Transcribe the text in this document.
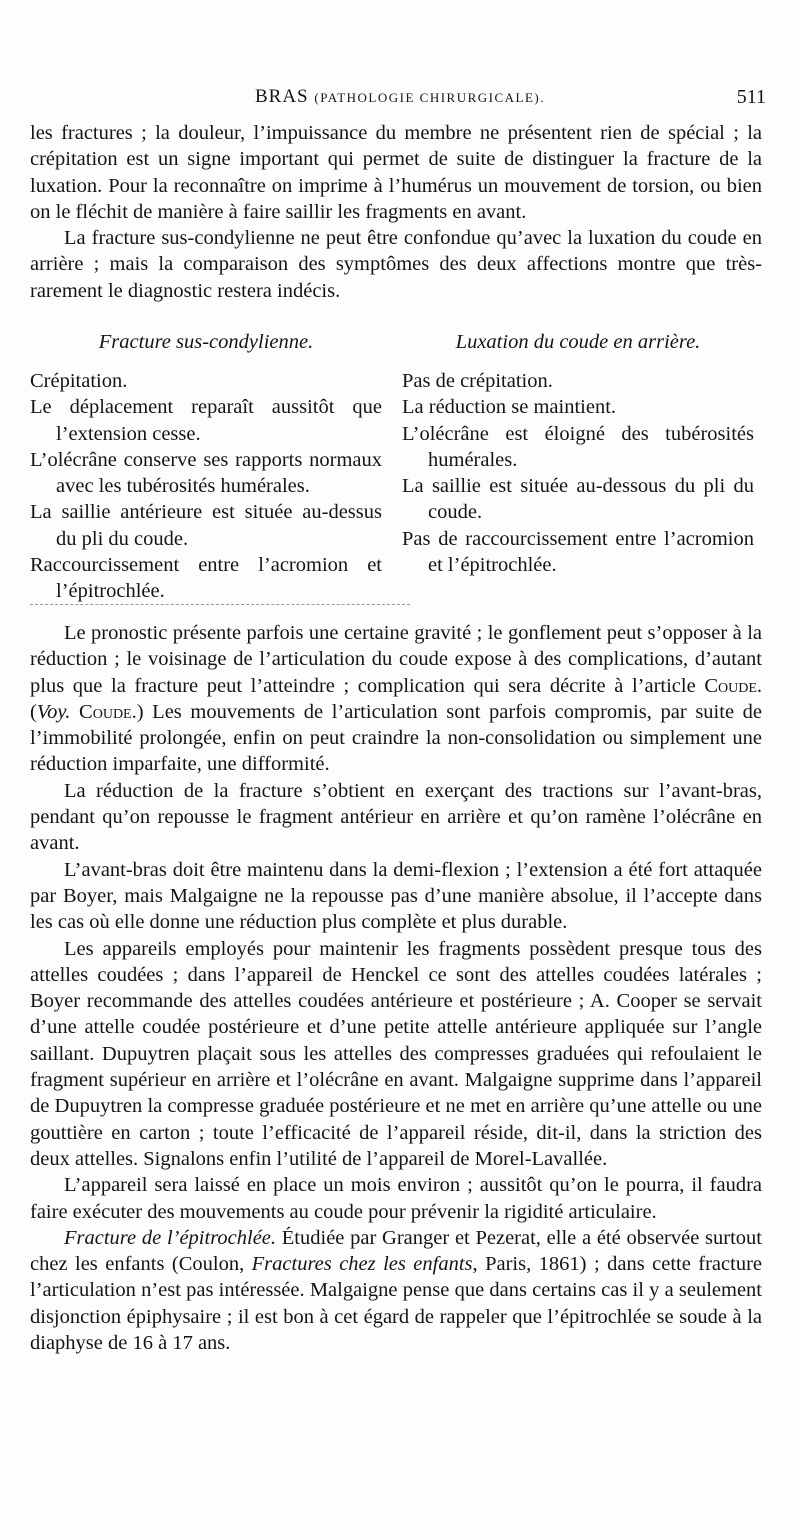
BRAS (PATHOLOGIE CHIRURGICALE).	511

les fractures ; la douleur, l’impuissance du membre ne présentent rien de spécial ; la crépitation est un signe important qui permet de suite de distinguer la fracture de la luxation. Pour la reconnaître on imprime à l’humérus un mouvement de torsion, ou bien on le fléchit de manière à faire saillir les fragments en avant.

La fracture sus-condylienne ne peut être confondue qu’avec la luxation du coude en arrière ; mais la comparaison des symptômes des deux affections montre que très-rarement le diagnostic restera indécis.

Fracture sus-condylienne.
Crépitation.
Le déplacement reparaît aussitôt que l’extension cesse.
L’olécrâne conserve ses rapports normaux avec les tubérosités humérales.
La saillie antérieure est située au-dessus du pli du coude.
Raccourcissement entre l’acromion et l’épitrochlée.
Luxation du coude en arrière.
Pas de crépitation.
La réduction se maintient.
L’olécrâne est éloigné des tubérosités humérales.
La saillie est située au-dessous du pli du coude.
Pas de raccourcissement entre l’acromion et l’épitrochlée.

Le pronostic présente parfois une certaine gravité ; le gonflement peut s’opposer à la réduction ; le voisinage de l’articulation du coude expose à des complications, d’autant plus que la fracture peut l’atteindre ; complication qui sera décrite à l’article Coude. (Voy. Coude.) Les mouvements de l’articulation sont parfois compromis, par suite de l’immobilité prolongée, enfin on peut craindre la non-consolidation ou simplement une réduction imparfaite, une difformité.

La réduction de la fracture s’obtient en exerçant des tractions sur l’avant-bras, pendant qu’on repousse le fragment antérieur en arrière et qu’on ramène l’olécrâne en avant.

L’avant-bras doit être maintenu dans la demi-flexion ; l’extension a été fort attaquée par Boyer, mais Malgaigne ne la repousse pas d’une manière absolue, il l’accepte dans les cas où elle donne une réduction plus complète et plus durable.

Les appareils employés pour maintenir les fragments possèdent presque tous des attelles coudées ; dans l’appareil de Henckel ce sont des attelles coudées latérales ; Boyer recommande des attelles coudées antérieure et postérieure ; A. Cooper se servait d’une attelle coudée postérieure et d’une petite attelle antérieure appliquée sur l’angle saillant. Dupuytren plaçait sous les attelles des compresses graduées qui refoulaient le fragment supérieur en arrière et l’olécrâne en avant. Malgaigne supprime dans l’appareil de Dupuytren la compresse graduée postérieure et ne met en arrière qu’une attelle ou une gouttière en carton ; toute l’efficacité de l’appareil réside, dit-il, dans la striction des deux attelles. Signalons enfin l’utilité de l’appareil de Morel-Lavallée.

L’appareil sera laissé en place un mois environ ; aussitôt qu’on le pourra, il faudra faire exécuter des mouvements au coude pour prévenir la rigidité articulaire.

Fracture de l’épitrochlée. Étudiée par Granger et Pezerat, elle a été observée surtout chez les enfants (Coulon, Fractures chez les enfants, Paris, 1861) ; dans cette fracture l’articulation n’est pas intéressée. Malgaigne pense que dans certains cas il y a seulement disjonction épiphysaire ; il est bon à cet égard de rappeler que l’épitrochlée se soude à la diaphyse de 16 à 17 ans.
